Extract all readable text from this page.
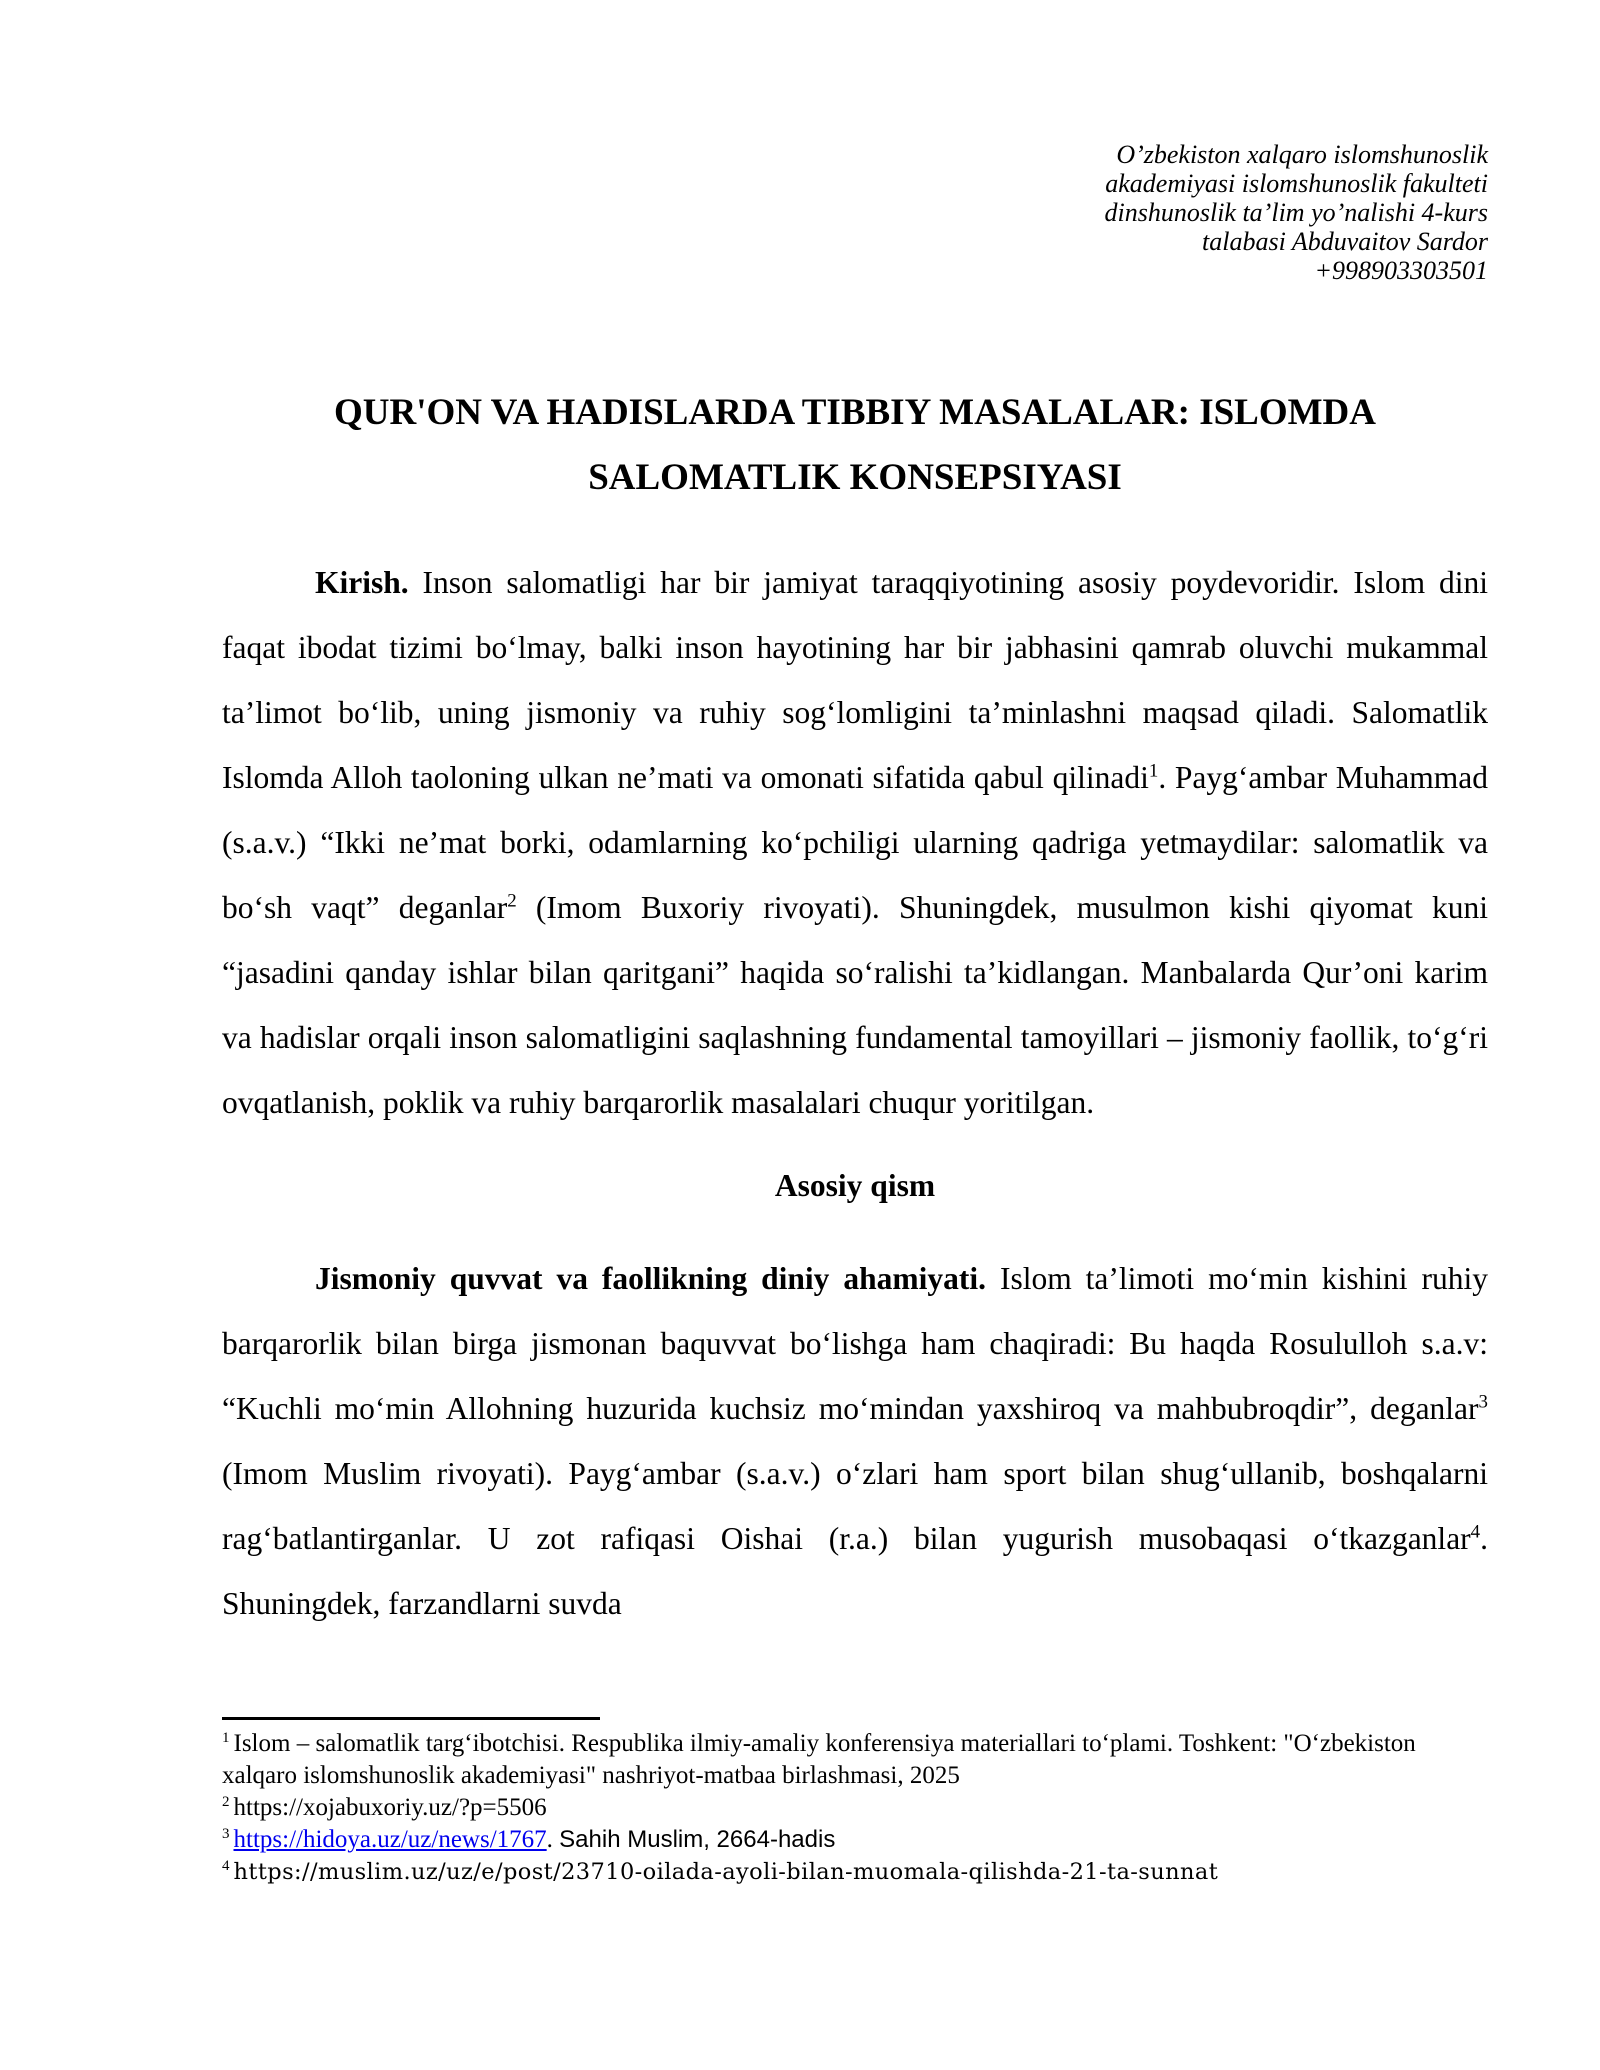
O’zbekiston xalqaro islomshunoslik
akademiyasi islomshunoslik fakulteti
dinshunoslik ta’lim yo’nalishi 4-kurs
talabasi Abduvaitov Sardor
+998903303501
QUR'ON VA HADISLARDA TIBBIY MASALALAR: ISLOMDA SALOMATLIK KONSEPSIYASI

Kirish. Inson salomatligi har bir jamiyat taraqqiyotining asosiy poydevoridir. Islom dini faqat ibodat tizimi bo‘lmay, balki inson hayotining har bir jabhasini qamrab oluvchi mukammal ta’limot bo‘lib, uning jismoniy va ruhiy sog‘lomligini ta’minlashni maqsad qiladi. Salomatlik Islomda Alloh taoloning ulkan ne’mati va omonati sifatida qabul qilinadi$^1$. Payg‘ambar Muhammad (s.a.v.) “Ikki ne’mat borki, odamlarning ko‘pchiligi ularning qadriga yetmaydilar: salomatlik va bo‘sh vaqt” deganlar$^2$ (Imom Buxoriy rivoyati). Shuningdek, musulmon kishi qiyomat kuni “jasadini qanday ishlar bilan qaritgani” haqida so‘ralishi ta’kidlangan. Manbalarda Qur’oni karim va hadislar orqali inson salomatligini saqlashning fundamental tamoyillari – jismoniy faollik, to‘g‘ri ovqatlanish, poklik va ruhiy barqarorlik masalalari chuqur yoritilgan.

Asosiy qism

Jismoniy quvvat va faollikning diniy ahamiyati. Islom ta’limoti mo‘min kishini ruhiy barqarorlik bilan birga jismonan baquvvat bo‘lishga ham chaqiradi: Bu haqda Rosululloh s.a.v: “Kuchli mo‘min Allohning huzurida kuchsiz mo‘mindan yaxshiroq va mahbubroqdir”, deganlar$^3$ (Imom Muslim rivoyati). Payg‘ambar (s.a.v.) o‘zlari ham sport bilan shug‘ullanib, boshqalarni rag‘batlantirganlar. U zot rafiqasi Oishai (r.a.) bilan yugurish musobaqasi o‘tkazganlar$^4$. Shuningdek, farzandlarni suvda

$^1$ Islom – salomatlik targ‘ibotchisi. Respublika ilmiy-amaliy konferensiya materiallari to‘plami. Toshkent: "O‘zbekiston xalqaro islomshunoslik akademiyasi" nashriyot-matbaa birlashmasi, 2025
$^2$ https://xojabuxoriy.uz/?p=5506
$^3$ https://hidoya.uz/uz/news/1767. Sahih Muslim, 2664-hadis
$^4$ https://muslim.uz/uz/e/post/23710-oilada-ayoli-bilan-muomala-qilishda-21-ta-sunnat
